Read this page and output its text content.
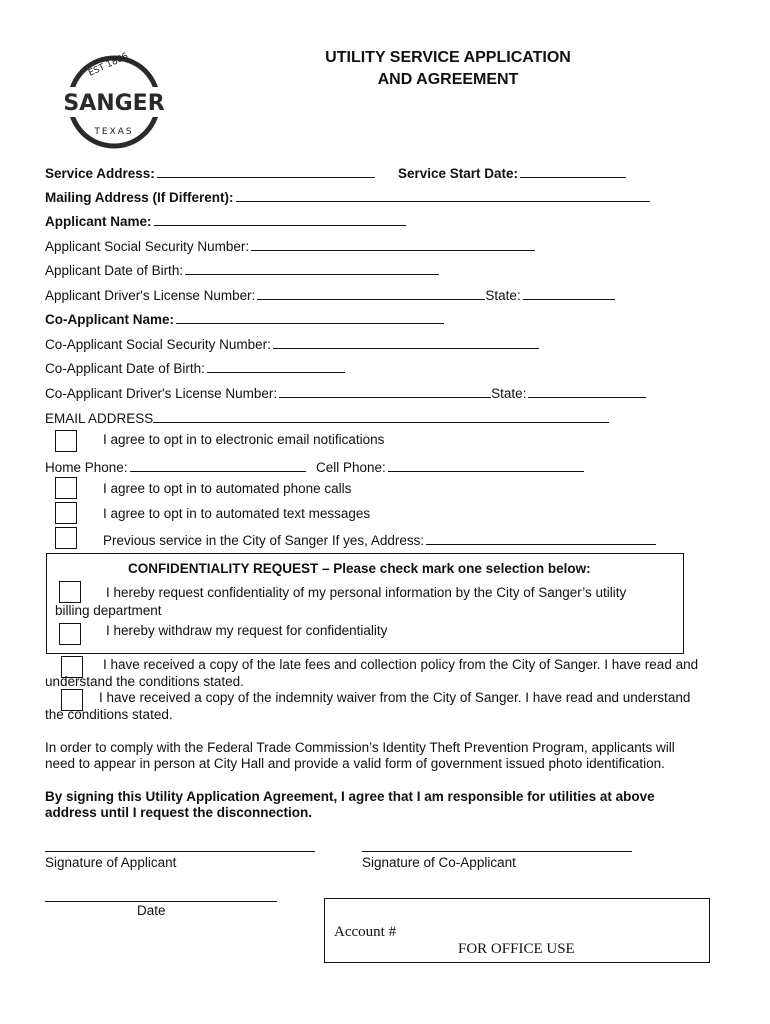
EST 1886
SANGER
TEXAS
UTILITY SERVICE APPLICATION
AND AGREEMENT
Service Address:	Service Start Date:
Mailing Address (If Different):
Applicant Name:
Applicant Social Security Number:
Applicant Date of Birth:
Applicant Driver's License Number:	State:
Co-Applicant Name:
Co-Applicant Social Security Number:
Co-Applicant Date of Birth:
Co-Applicant Driver's License Number:	State:
EMAIL ADDRESS
I agree to opt in to electronic email notifications
Home Phone:	Cell Phone:
I agree to opt in to automated phone calls
I agree to opt in to automated text messages
Previous service in the City of Sanger If yes, Address:
CONFIDENTIALITY REQUEST – Please check mark one selection below:
I hereby request confidentiality of my personal information by the City of Sanger’s utility
billing department
I hereby withdraw my request for confidentiality
I have received a copy of the late fees and collection policy from the City of Sanger. I have read and
understand the conditions stated.
I have received a copy of the indemnity waiver from the City of Sanger. I have read and understand
the conditions stated.
In order to comply with the Federal Trade Commission’s Identity Theft Prevention Program, applicants will need to appear in person at City Hall and provide a valid form of government issued photo identification.
By signing this Utility Application Agreement, I agree that I am responsible for utilities at above address until I request the disconnection.
Signature of Applicant	Signature of Co-Applicant
Date
Account #
FOR OFFICE USE
